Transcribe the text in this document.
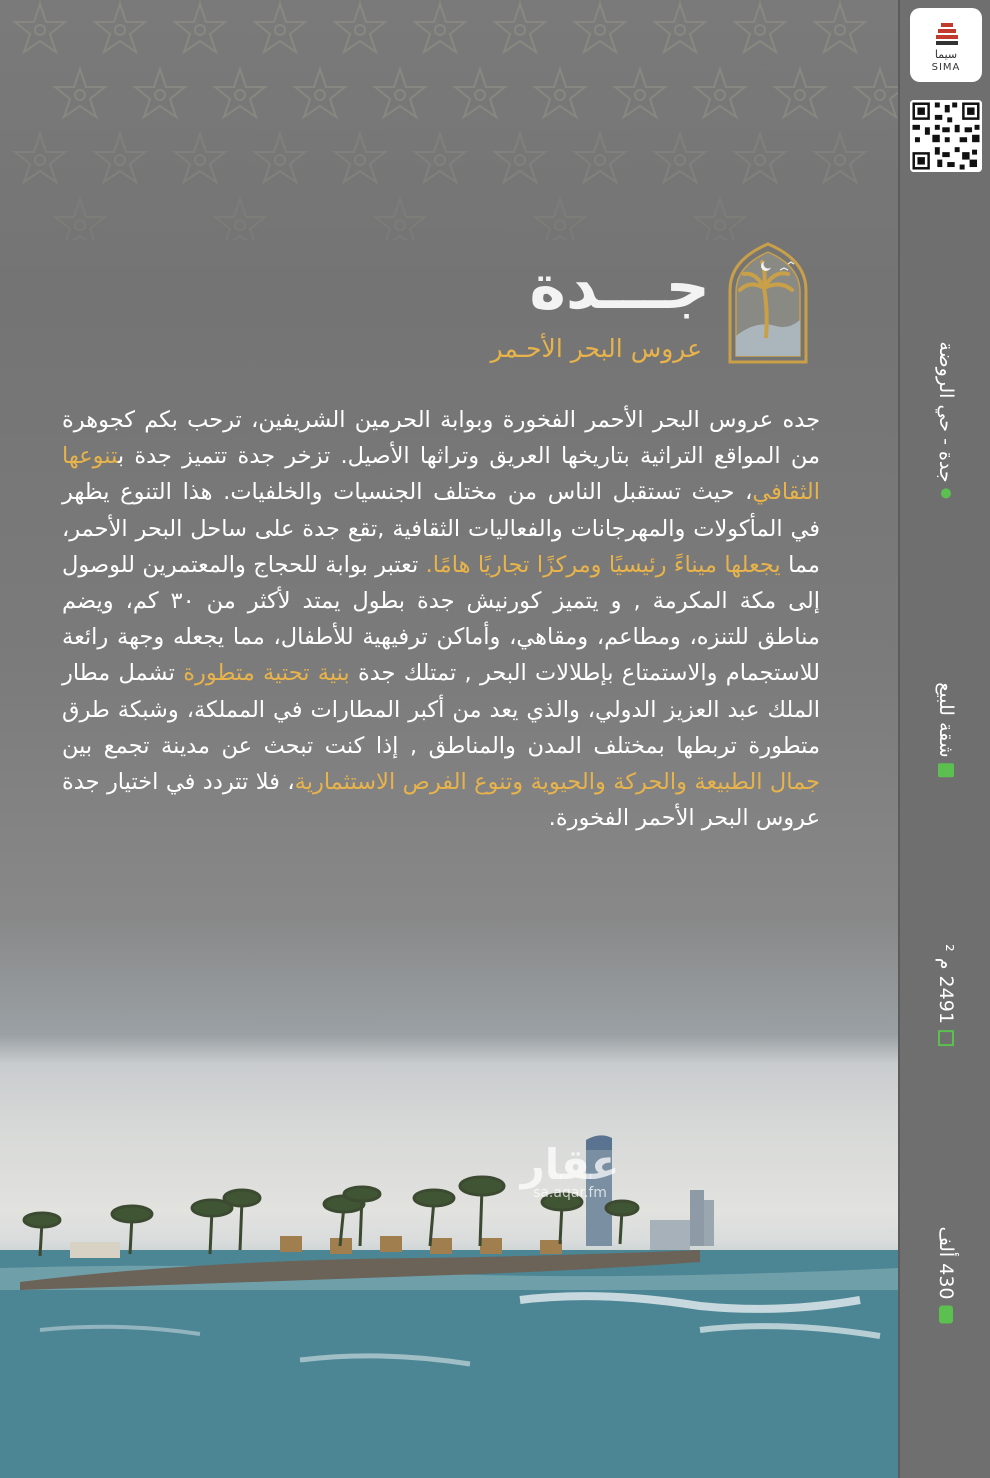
جـــدة
عروس البحر الأحـمر
جده عروس البحر الأحمر الفخورة وبوابة الحرمين الشريفين، ترحب بكم كجوهرة من المواقع التراثية بتاريخها العريق وتراثها الأصيل. تزخر جدة تتميز جدة بتنوعها الثقافي، حيث تستقبل الناس من مختلف الجنسيات والخلفيات. هذا التنوع يظهر في المأكولات والمهرجانات والفعاليات الثقافية ,تقع جدة على ساحل البحر الأحمر، مما يجعلها ميناءً رئيسيًا ومركزًا تجاريًا هامًا. تعتبر بوابة للحجاج والمعتمرين للوصول إلى مكة المكرمة , و يتميز كورنيش جدة بطول يمتد لأكثر من ٣٠ كم، ويضم مناطق للتنزه، ومطاعم، ومقاهي، وأماكن ترفيهية للأطفال، مما يجعله وجهة رائعة للاستجمام والاستمتاع بإطلالات البحر , تمتلك جدة بنية تحتية متطورة تشمل مطار الملك عبد العزيز الدولي، والذي يعد من أكبر المطارات في المملكة، وشبكة طرق متطورة تربطها بمختلف المدن والمناطق , إذا كنت تبحث عن مدينة تجمع بين جمال الطبيعة والحركة والحيوية وتنوع الفرص الاستثمارية، فلا تتردد في اختيار جدة عروس البحر الأحمر الفخورة.
عقار
sa.aqar.fm
سيما
SIMA
جدة - حي الروضة
شقة للبيع
2491 م ²
430 ألف
